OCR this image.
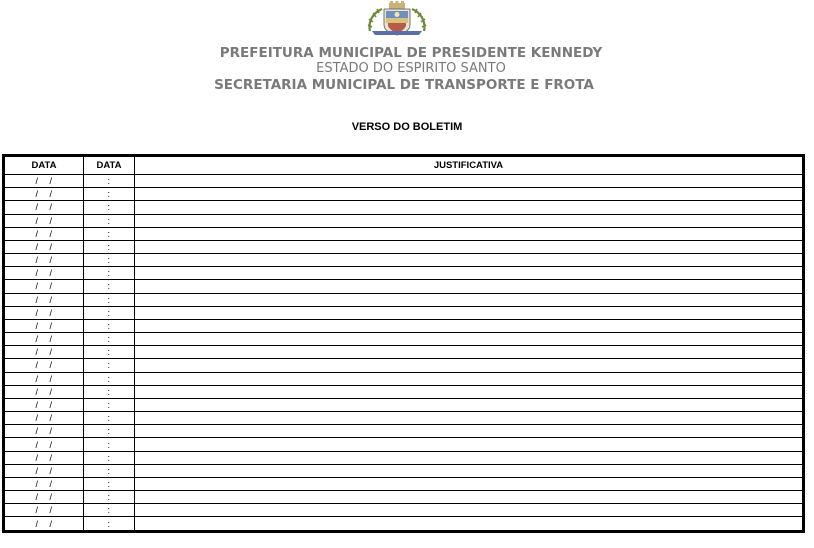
PREFEITURA MUNICIPAL DE PRESIDENTE KENNEDY
ESTADO DO ESPIRITO SANTO
SECRETARIA MUNICIPAL DE TRANSPORTE E FROTA
VERSO DO BOLETIM
DATA	DATA	JUSTIFICATIVA
/ /	:	
/ /	:	
/ /	:	
/ /	:	
/ /	:	
/ /	:	
/ /	:	
/ /	:	
/ /	:	
/ /	:	
/ /	:	
/ /	:	
/ /	:	
/ /	:	
/ /	:	
/ /	:	
/ /	:	
/ /	:	
/ /	:	
/ /	:	
/ /	:	
/ /	:	
/ /	:	
/ /	:	
/ /	:	
/ /	:	
/ /	:	
